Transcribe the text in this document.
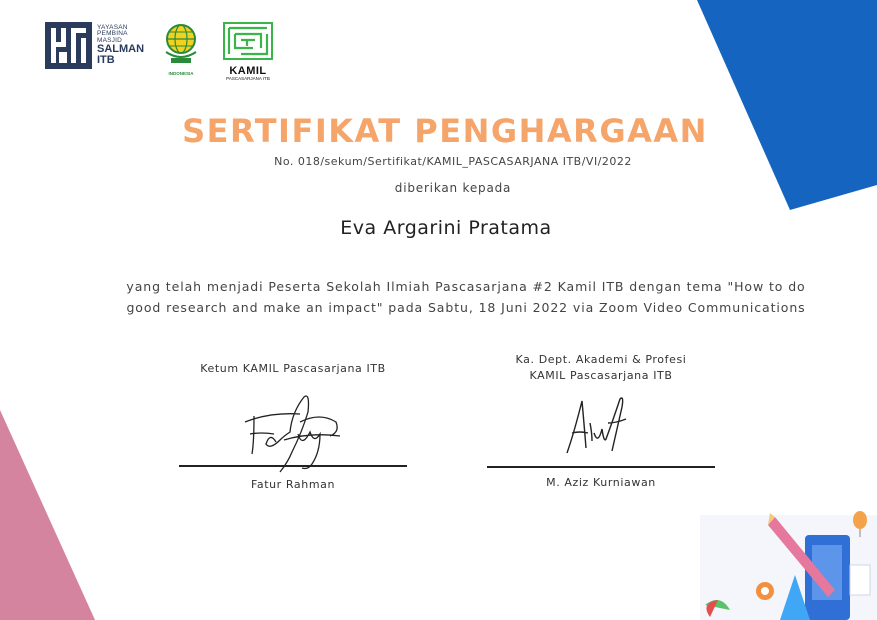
YAYASAN
PEMBINA
MASJID
SALMAN
ITB
INDONESIA	KAMIL
PASCASARJANA ITB
SERTIFIKAT PENGHARGAAN
No. 018/sekum/Sertifikat/KAMIL_PASCASARJANA ITB/VI/2022
diberikan kepada
Eva Argarini Pratama
yang telah menjadi Peserta Sekolah Ilmiah Pascasarjana #2 Kamil ITB dengan tema "How to do
good research and make an impact" pada Sabtu, 18 Juni 2022 via Zoom Video Communications
Ketum KAMIL Pascasarjana ITB
Fatur Rahman
Ka. Dept. Akademi & Profesi
KAMIL Pascasarjana ITB
M. Aziz Kurniawan
